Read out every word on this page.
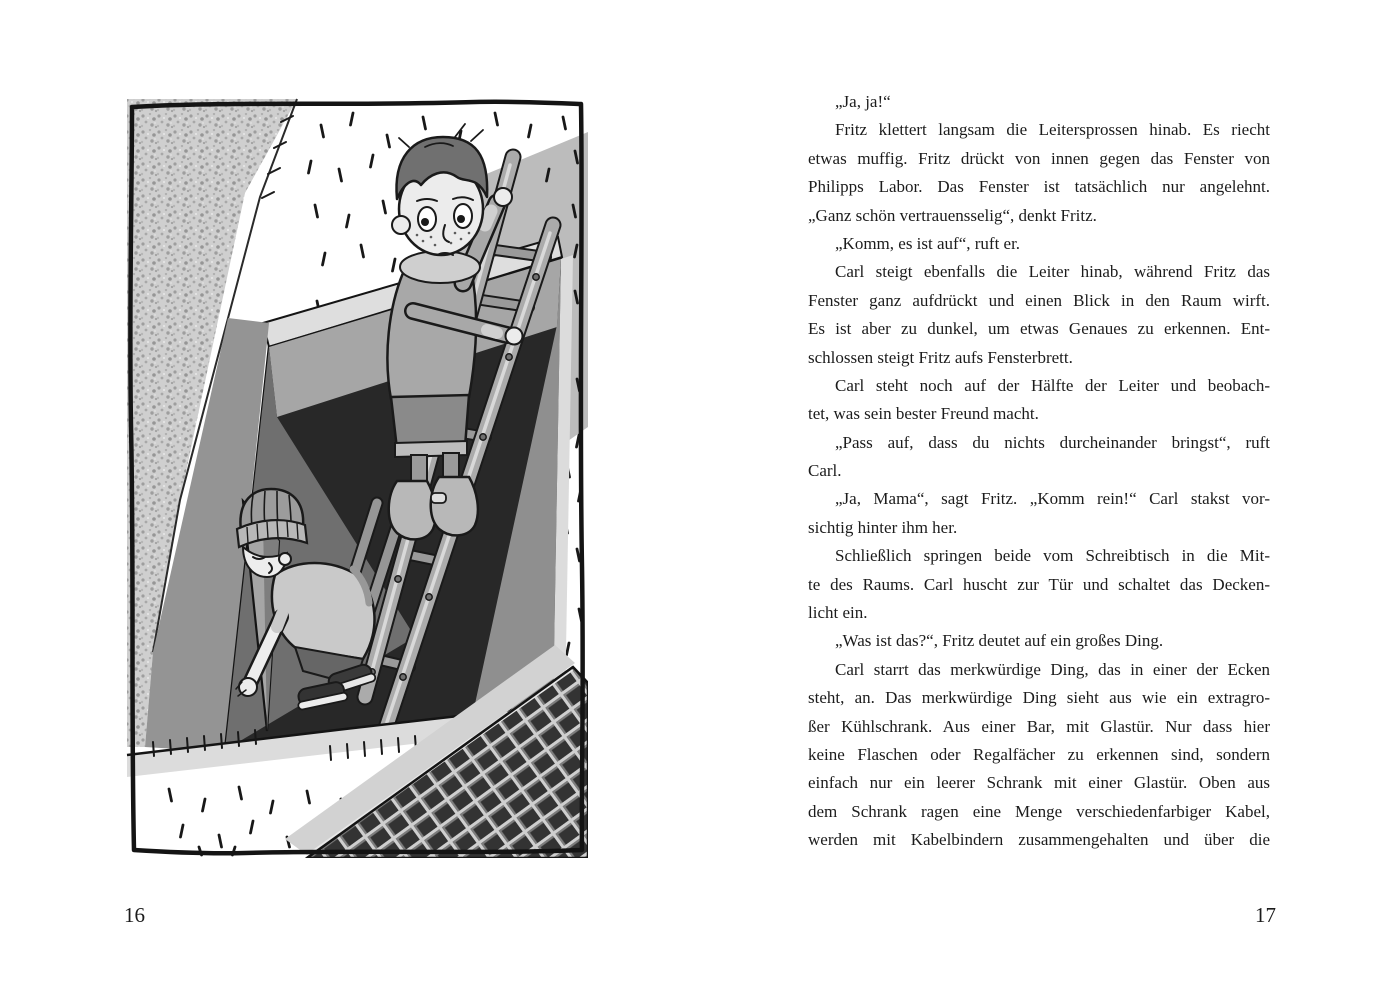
16
„Ja, ja!“
Fritz klettert langsam die Leitersprossen hinab. Es riecht
etwas muffig. Fritz drückt von innen gegen das Fenster von
Philipps Labor. Das Fenster ist tatsächlich nur angelehnt.
„Ganz schön vertrauensselig“, denkt Fritz.
„Komm, es ist auf“, ruft er.
Carl steigt ebenfalls die Leiter hinab, während Fritz das
Fenster ganz aufdrückt und einen Blick in den Raum wirft.
Es ist aber zu dunkel, um etwas Genaues zu erkennen. Ent-
schlossen steigt Fritz aufs Fensterbrett.
Carl steht noch auf der Hälfte der Leiter und beobach-
tet, was sein bester Freund macht.
„Pass auf, dass du nichts durcheinander bringst“, ruft
Carl.
„Ja, Mama“, sagt Fritz. „Komm rein!“ Carl stakst vor-
sichtig hinter ihm her.
Schließlich springen beide vom Schreibtisch in die Mit-
te des Raums. Carl huscht zur Tür und schaltet das Decken-
licht ein.
„Was ist das?“, Fritz deutet auf ein großes Ding.
Carl starrt das merkwürdige Ding, das in einer der Ecken
steht, an. Das merkwürdige Ding sieht aus wie ein extragro-
ßer Kühlschrank. Aus einer Bar, mit Glastür. Nur dass hier
keine Flaschen oder Regalfächer zu erkennen sind, sondern
einfach nur ein leerer Schrank mit einer Glastür. Oben aus
dem Schrank ragen eine Menge verschiedenfarbiger Kabel,
werden mit Kabelbindern zusammengehalten und über die
17
